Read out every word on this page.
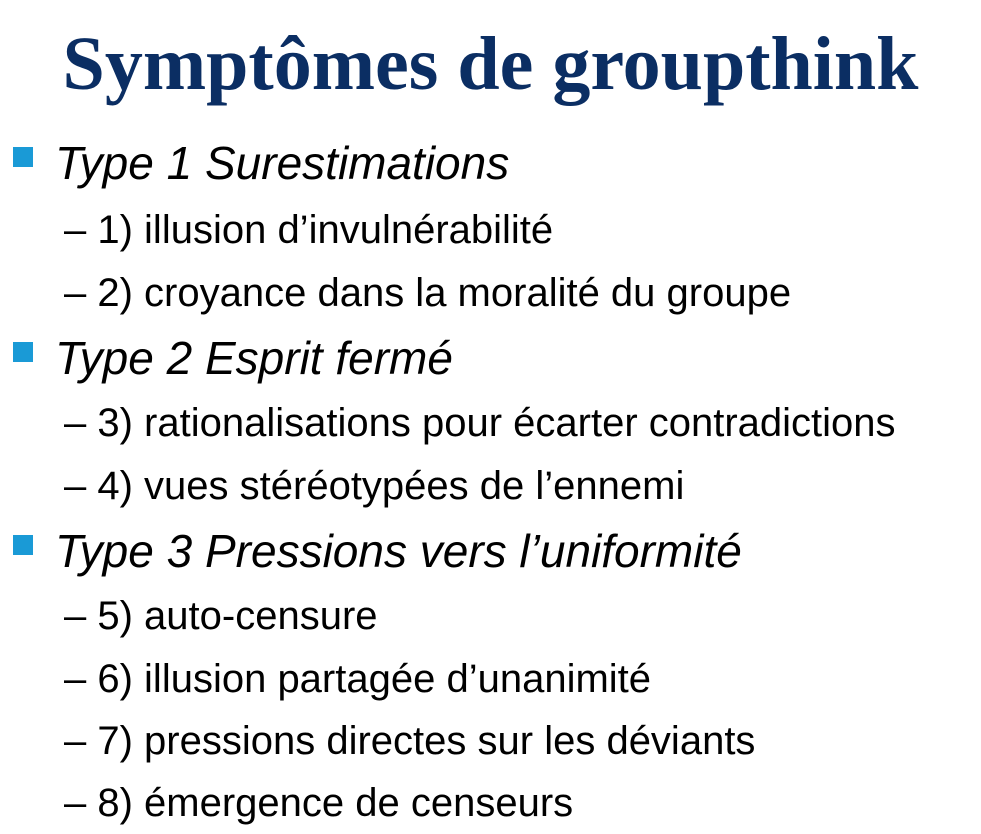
Symptômes de groupthink
Type 1 Surestimations
– 1) illusion d’invulnérabilité
– 2) croyance dans la moralité du groupe
Type 2 Esprit fermé
– 3) rationalisations pour écarter contradictions
– 4) vues stéréotypées de l’ennemi
Type 3 Pressions vers l’uniformité
– 5) auto-censure
– 6) illusion partagée d’unanimité
– 7) pressions directes sur les déviants
– 8) émergence de censeurs
